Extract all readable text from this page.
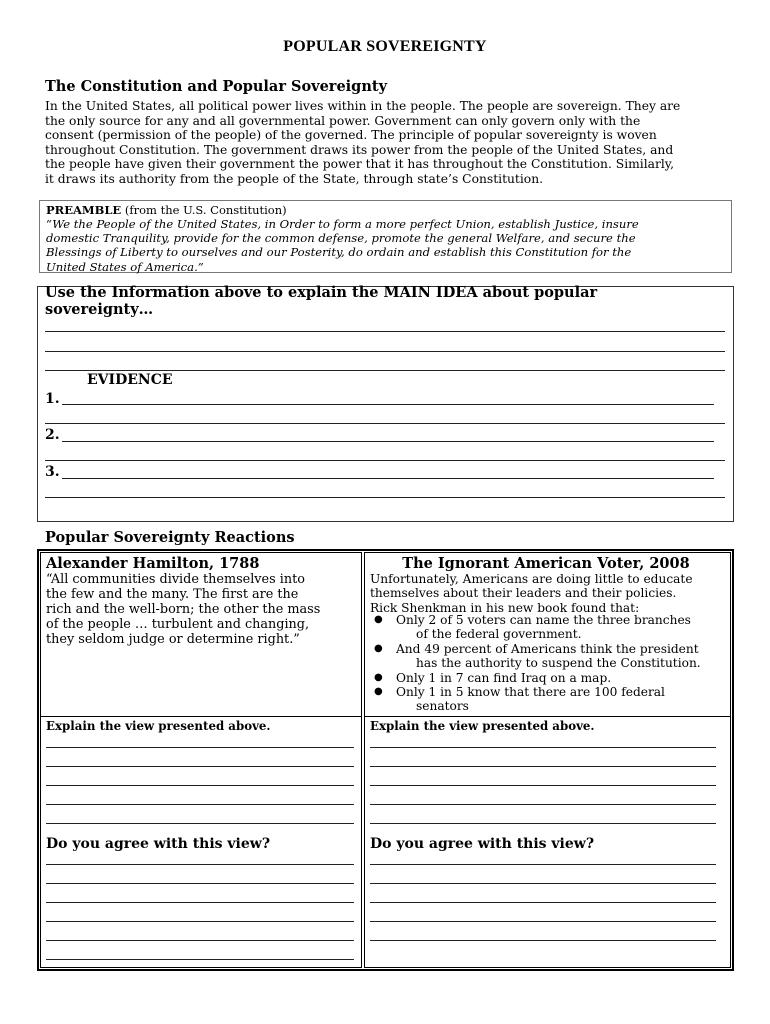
POPULAR SOVEREIGNTY
The Constitution and Popular Sovereignty
In the United States, all political power lives within in the people. The people are sovereign. They are
the only source for any and all governmental power. Government can only govern only with the
consent (permission of the people) of the governed. The principle of popular sovereignty is woven
throughout Constitution. The government draws its power from the people of the United States, and
the people have given their government the power that it has throughout the Constitution. Similarly,
it draws its authority from the people of the State, through state’s Constitution.
PREAMBLE (from the U.S. Constitution)
“We the People of the United States, in Order to form a more perfect Union, establish Justice, insure
domestic Tranquility, provide for the common defense, promote the general Welfare, and secure the
Blessings of Liberty to ourselves and our Posterity, do ordain and establish this Constitution for the
United States of America.”
Use the Information above to explain the MAIN IDEA about popular
sovereignty…
EVIDENCE
1.
2.
3.
Popular Sovereignty Reactions
Alexander Hamilton, 1788
“All communities divide themselves into
the few and the many. The first are the
rich and the well-born; the other the mass
of the people … turbulent and changing,
they seldom judge or determine right.”
The Ignorant American Voter, 2008
Unfortunately, Americans are doing little to educate
themselves about their leaders and their policies.
Rick Shenkman in his new book found that:
● Only 2 of 5 voters can name the three branches
of the federal government.
● And 49 percent of Americans think the president
has the authority to suspend the Constitution.
● Only 1 in 7 can find Iraq on a map.
● Only 1 in 5 know that there are 100 federal
senators
Explain the view presented above.	Explain the view presented above.
Do you agree with this view?	Do you agree with this view?
